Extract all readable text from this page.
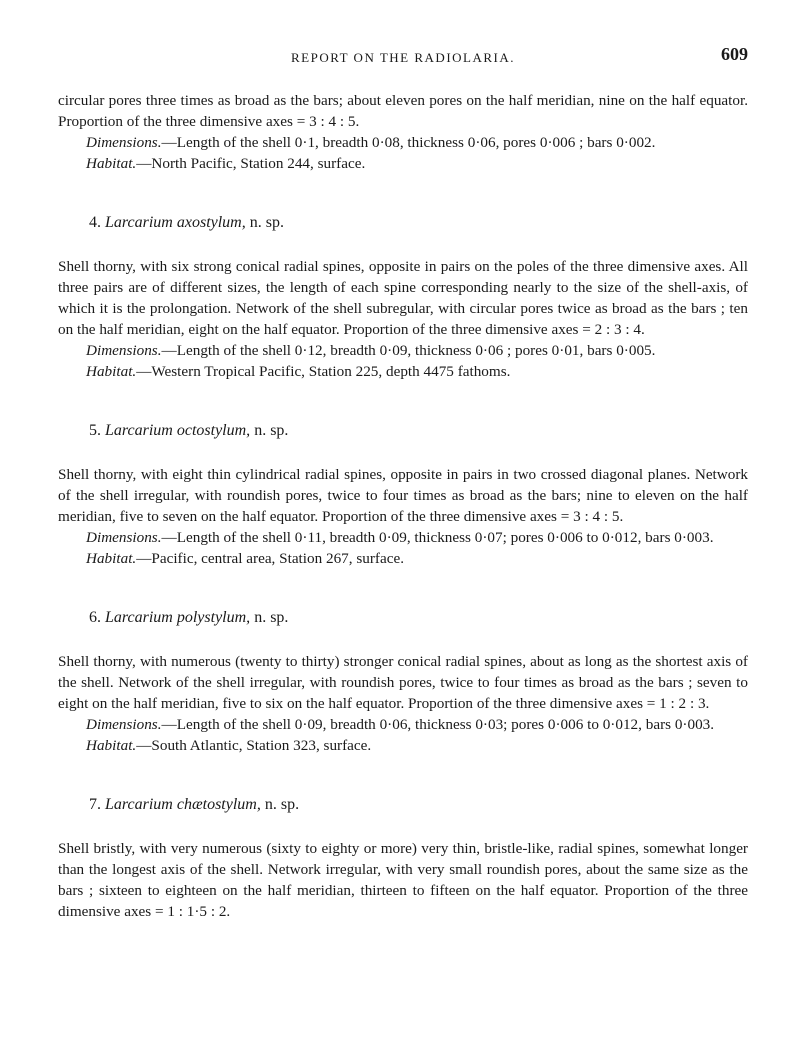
REPORT ON THE RADIOLARIA.	609

circular pores three times as broad as the bars; about eleven pores on the half meridian, nine on the half equator. Proportion of the three dimensive axes = 3 : 4 : 5.

Dimensions.—Length of the shell 0·1, breadth 0·08, thickness 0·06, pores 0·006 ; bars 0·002.

Habitat.—North Pacific, Station 244, surface.

4. Larcarium axostylum, n. sp.

Shell thorny, with six strong conical radial spines, opposite in pairs on the poles of the three dimensive axes. All three pairs are of different sizes, the length of each spine corresponding nearly to the size of the shell-axis, of which it is the prolongation. Network of the shell subregular, with circular pores twice as broad as the bars ; ten on the half meridian, eight on the half equator. Proportion of the three dimensive axes = 2 : 3 : 4.

Dimensions.—Length of the shell 0·12, breadth 0·09, thickness 0·06 ; pores 0·01, bars 0·005.

Habitat.—Western Tropical Pacific, Station 225, depth 4475 fathoms.

5. Larcarium octostylum, n. sp.

Shell thorny, with eight thin cylindrical radial spines, opposite in pairs in two crossed diagonal planes. Network of the shell irregular, with roundish pores, twice to four times as broad as the bars; nine to eleven on the half meridian, five to seven on the half equator. Proportion of the three dimensive axes = 3 : 4 : 5.

Dimensions.—Length of the shell 0·11, breadth 0·09, thickness 0·07; pores 0·006 to 0·012, bars 0·003.

Habitat.—Pacific, central area, Station 267, surface.

6. Larcarium polystylum, n. sp.

Shell thorny, with numerous (twenty to thirty) stronger conical radial spines, about as long as the shortest axis of the shell. Network of the shell irregular, with roundish pores, twice to four times as broad as the bars ; seven to eight on the half meridian, five to six on the half equator. Proportion of the three dimensive axes = 1 : 2 : 3.

Dimensions.—Length of the shell 0·09, breadth 0·06, thickness 0·03; pores 0·006 to 0·012, bars 0·003.

Habitat.—South Atlantic, Station 323, surface.

7. Larcarium chætostylum, n. sp.

Shell bristly, with very numerous (sixty to eighty or more) very thin, bristle-like, radial spines, somewhat longer than the longest axis of the shell. Network irregular, with very small roundish pores, about the same size as the bars ; sixteen to eighteen on the half meridian, thirteen to fifteen on the half equator. Proportion of the three dimensive axes = 1 : 1·5 : 2.
